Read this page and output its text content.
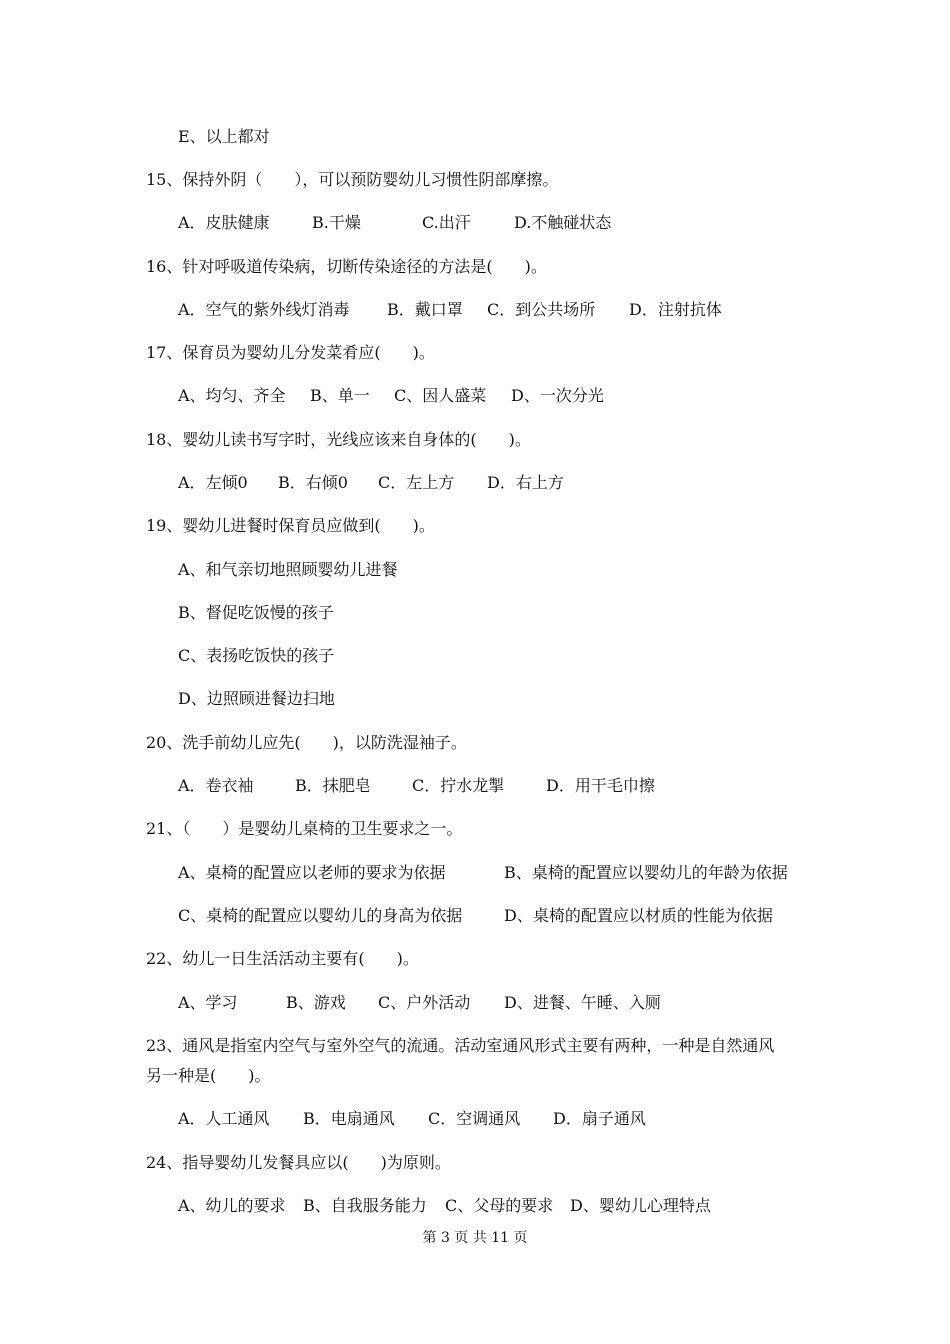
E、以上都对
15、保持外阴（　　），可以预防婴幼儿习惯性阴部摩擦。
A．皮肤健康	B.干燥	C.出汗	D.不触碰状态
16、针对呼吸道传染病，切断传染途径的方法是(　　)。
A．空气的紫外线灯消毒 B．戴口罩 C．到公共场所 D．注射抗体
17、保育员为婴幼儿分发菜肴应(　　)。
A、均匀、齐全 B、单一 C、因人盛菜 D、一次分光
18、婴幼儿读书写字时，光线应该来自身体的(　　)。
A．左倾0 B．右倾0 C．左上方 D．右上方
19、婴幼儿进餐时保育员应做到(　　)。
A、和气亲切地照顾婴幼儿进餐
B、督促吃饭慢的孩子
C、表扬吃饭快的孩子
D、边照顾进餐边扫地
20、洗手前幼儿应先(　　)，以防洗湿袖子。
A．卷衣袖	B．抹肥皂	C．拧水龙掣	D．用干毛巾擦
21、（　　）是婴幼儿桌椅的卫生要求之一。
A、桌椅的配置应以老师的要求为依据	B、桌椅的配置应以婴幼儿的年龄为依据
C、桌椅的配置应以婴幼儿的身高为依据	D、桌椅的配置应以材质的性能为依据
22、幼儿一日生活活动主要有(　　)。
A、学习	B、游戏 C、户外活动 D、进餐、午睡、入厕
23、通风是指室内空气与室外空气的流通。活动室通风形式主要有两种，一种是自然通风
另一种是(　　)。
A．人工通风 B．电扇通风 C．空调通风 D．扇子通风
24、指导婴幼儿发餐具应以(　　)为原则。
A、幼儿的要求 B、自我服务能力 C、父母的要求 D、婴幼儿心理特点
第 3 页 共 11 页
